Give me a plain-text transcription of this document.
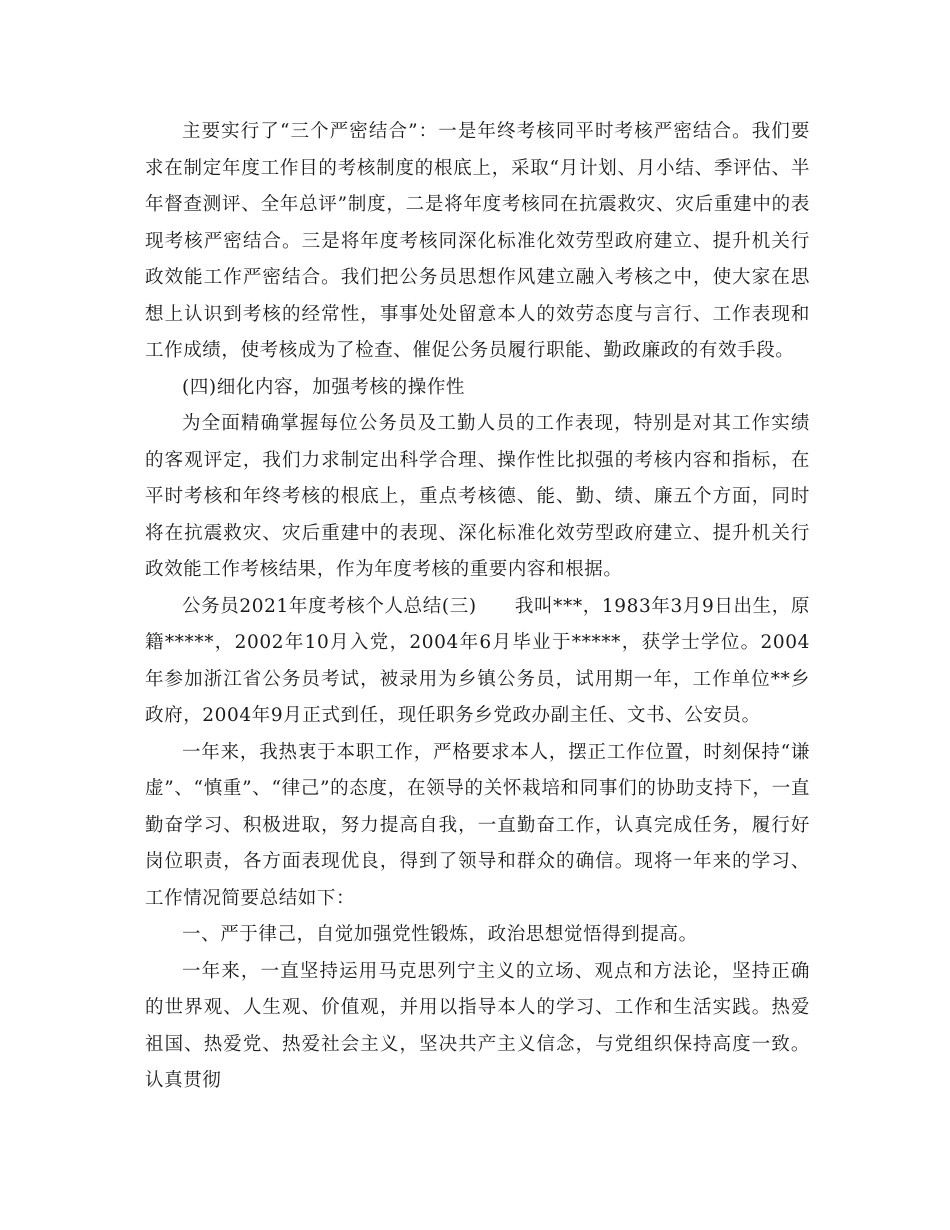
主要实行了“三个严密结合”：一是年终考核同平时考核严密结合。我们要求在制定年度工作目的考核制度的根底上，采取“月计划、月小结、季评估、半年督查测评、全年总评”制度，二是将年度考核同在抗震救灾、灾后重建中的表现考核严密结合。三是将年度考核同深化标准化效劳型政府建立、提升机关行政效能工作严密结合。我们把公务员思想作风建立融入考核之中，使大家在思想上认识到考核的经常性，事事处处留意本人的效劳态度与言行、工作表现和工作成绩，使考核成为了检查、催促公务员履行职能、勤政廉政的有效手段。

(四)细化内容，加强考核的操作性

为全面精确掌握每位公务员及工勤人员的工作表现，特别是对其工作实绩的客观评定，我们力求制定出科学合理、操作性比拟强的考核内容和指标，在平时考核和年终考核的根底上，重点考核德、能、勤、绩、廉五个方面，同时将在抗震救灾、灾后重建中的表现、深化标准化效劳型政府建立、提升机关行政效能工作考核结果，作为年度考核的重要内容和根据。

公务员2021年度考核个人总结(三)　　我叫***，1983年3月9日出生，原籍*****，2002年10月入党，2004年6月毕业于*****，获学士学位。2004年参加浙江省公务员考试，被录用为乡镇公务员，试用期一年，工作单位**乡政府，2004年9月正式到任，现任职务乡党政办副主任、文书、公安员。

一年来，我热衷于本职工作，严格要求本人，摆正工作位置，时刻保持“谦虚”、“慎重”、“律己”的态度，在领导的关怀栽培和同事们的协助支持下，一直勤奋学习、积极进取，努力提高自我，一直勤奋工作，认真完成任务，履行好岗位职责，各方面表现优良，得到了领导和群众的确信。现将一年来的学习、工作情况简要总结如下：

一、严于律己，自觉加强党性锻炼，政治思想觉悟得到提高。

一年来，一直坚持运用马克思列宁主义的立场、观点和方法论，坚持正确的世界观、人生观、价值观，并用以指导本人的学习、工作和生活实践。热爱祖国、热爱党、热爱社会主义，坚决共产主义信念，与党组织保持高度一致。认真贯彻
